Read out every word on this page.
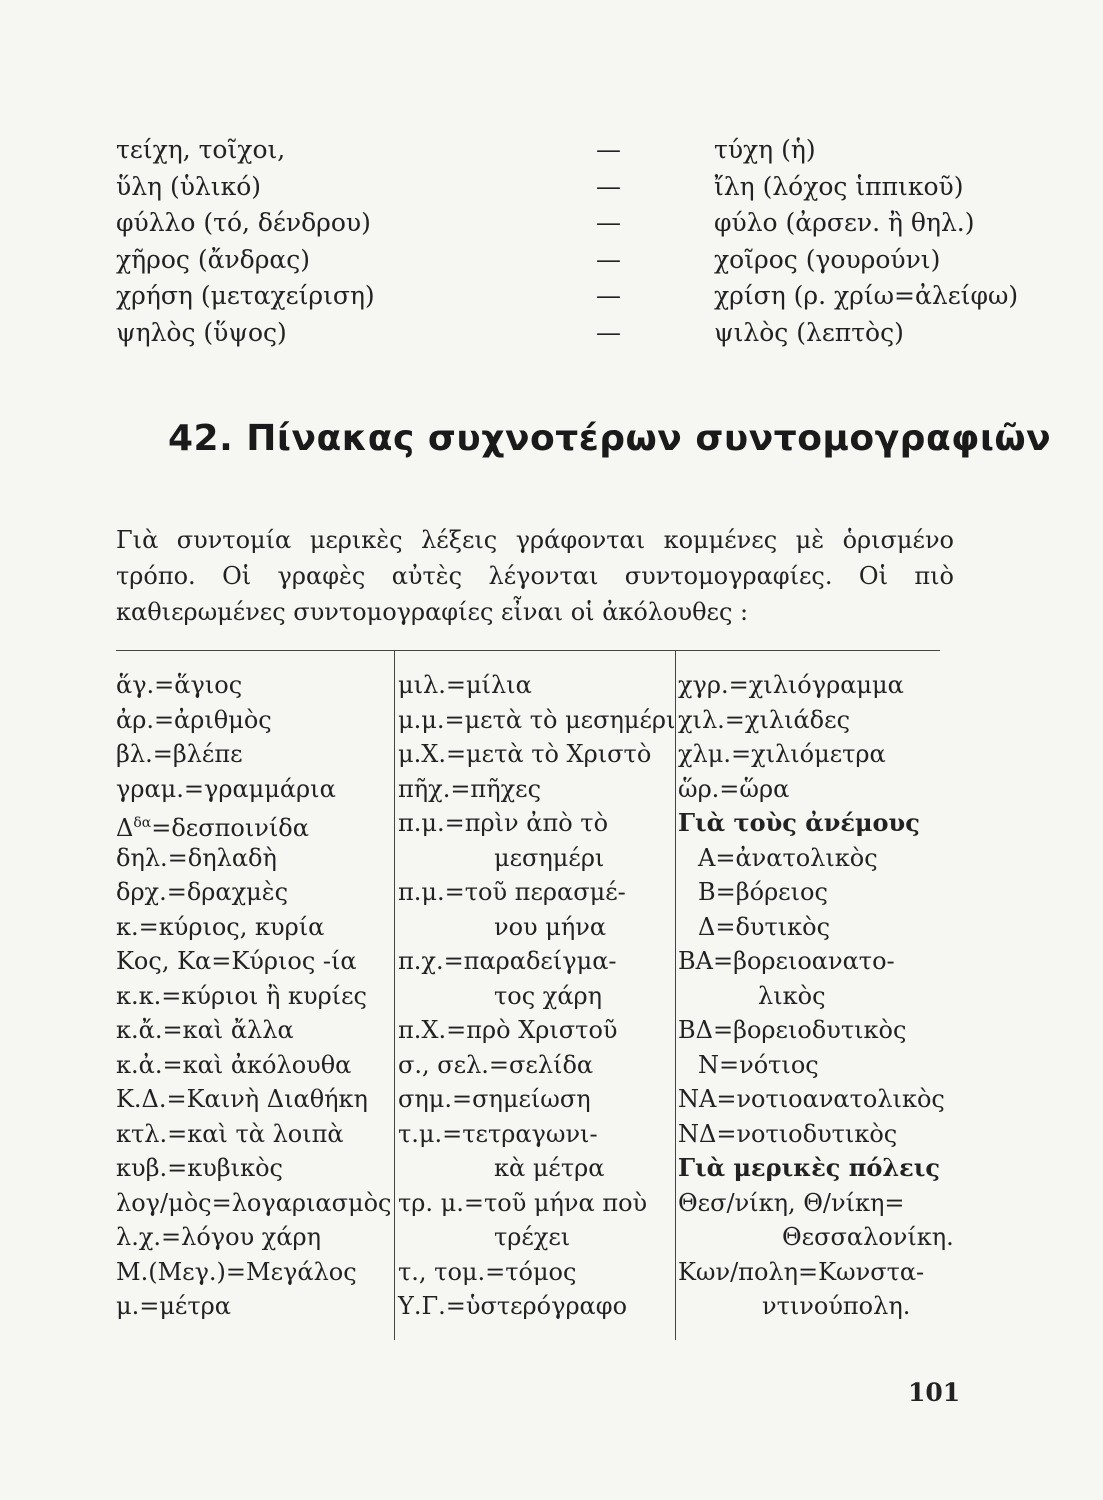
τείχη, τοῖχοι,	—	τύχη (ἡ)
ὕλη (ὑλικό)	—	ἴλη (λόχος ἱππικοῦ)
φύλλο (τό, δένδρου)	—	φύλο (ἀρσεν. ἢ θηλ.)
χῆρος (ἄνδρας)	—	χοῖρος (γουρούνι)
χρήση (μεταχείριση)	—	χρίση (ρ. χρίω=ἀλείφω)
ψηλὸς (ὕψος)	—	ψιλὸς (λεπτὸς)
42. Πίνακας συχνοτέρων συντομογραφιῶν
Γιὰ συντομία μερικὲς λέξεις γράφονται κομμένες μὲ ὁρισμένο τρόπο. Οἱ γραφὲς αὐτὲς λέγονται συντομογραφίες. Οἱ πιὸ καθιερωμένες συντομογραφίες εἶναι οἱ ἀκόλουθες :
ἅγ.=ἅγιος
ἀρ.=ἀριθμὸς
βλ.=βλέπε
γραμ.=γραμμάρια
$\Delta^{\delta\alpha}=\delta\varepsilon\sigma\pi o\iota\nu ί\delta\alpha$
δηλ.=δηλαδὴ
δρχ.=δραχμὲς
κ.=κύριος, κυρία
Κος, Κα=Κύριος -ία
κ.κ.=κύριοι ἢ κυρίες
κ.ἄ.=καὶ ἄλλα
κ.ἀ.=καὶ ἀκόλουθα
Κ.Δ.=Καινὴ Διαθήκη
κτλ.=καὶ τὰ λοιπὰ
κυβ.=κυβικὸς
λογ/μὸς=λογαριασμὸς
λ.χ.=λόγου χάρη
Μ.(Μεγ.)=Μεγάλος
μ.=μέτρα
μιλ.=μίλια
μ.μ.=μετὰ τὸ μεσημέρι
μ.Χ.=μετὰ τὸ Χριστὸ
πῆχ.=πῆχες
π.μ.=πρὶν ἀπὸ τὸ
μεσημέρι
π.μ.=τοῦ περασμέ-
νου μήνα
π.χ.=παραδείγμα-
τος χάρη
π.Χ.=πρὸ Χριστοῦ
σ., σελ.=σελίδα
σημ.=σημείωση
τ.μ.=τετραγωνι-
κὰ μέτρα
τρ. μ.=τοῦ μήνα ποὺ
τρέχει
τ., τομ.=τόμος
Υ.Γ.=ὑστερόγραφο
χγρ.=χιλιόγραμμα
χιλ.=χιλιάδες
χλμ.=χιλιόμετρα
ὥρ.=ὥρα
Γιὰ τοὺς ἀνέμους
Α=ἀνατολικὸς
Β=βόρειος
Δ=δυτικὸς
ΒΑ=βορειοανατο-
λικὸς
ΒΔ=βορειοδυτικὸς
Ν=νότιος
ΝΑ=νοτιοανατολικὸς
ΝΔ=νοτιοδυτικὸς
Γιὰ μερικὲς πόλεις
Θεσ/νίκη, Θ/νίκη=
Θεσσαλονίκη.
Κων/πολη=Κωνστα-
ντινούπολη.
101
